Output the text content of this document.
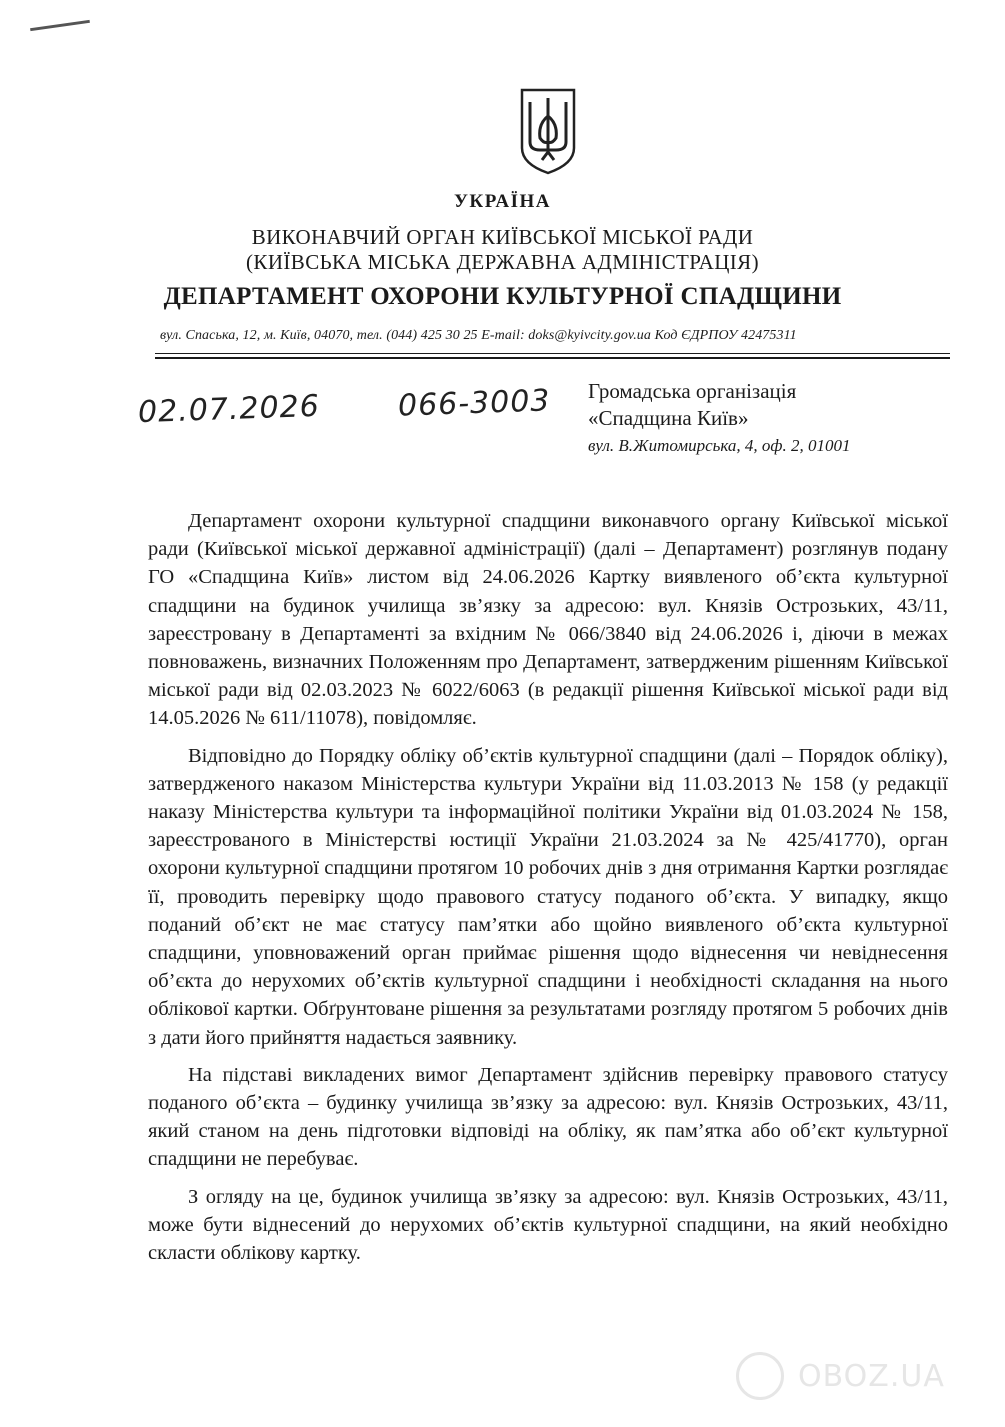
УКРАЇНА
ВИКОНАВЧИЙ ОРГАН КИЇВСЬКОЇ МІСЬКОЇ РАДИ
(КИЇВСЬКА МІСЬКА ДЕРЖАВНА АДМІНІСТРАЦІЯ)
ДЕПАРТАМЕНТ ОХОРОНИ КУЛЬТУРНОЇ СПАДЩИНИ
вул. Спаська, 12, м. Київ, 04070, тел. (044) 425 30 25 E-mail: doks@kyivcity.gov.ua Код ЄДРПОУ 42475311
02.07.2026	066-3003 Громадська організація
«Спадщина Київ»
вул. В.Житомирська, 4, оф. 2, 01001

Департамент охорони культурної спадщини виконавчого органу Київської міської ради (Київської міської державної адміністрації) (далі – Департамент) розглянув подану ГО «Спадщина Київ» листом від 24.06.2026 Картку виявленого об’єкта культурної спадщини на будинок училища зв’язку за адресою: вул. Князів Острозьких, 43/11, зареєстровану в Департаменті за вхідним № 066/3840 від 24.06.2026 і, діючи в межах повноважень, визначних Положенням про Департамент, затвердженим рішенням Київської міської ради від 02.03.2023 № 6022/6063 (в редакції рішення Київської міської ради від 14.05.2026 № 611/11078), повідомляє.

Відповідно до Порядку обліку об’єктів культурної спадщини (далі – Порядок обліку), затвердженого наказом Міністерства культури України від 11.03.2013 № 158 (у редакції наказу Міністерства культури та інформаційної політики України від 01.03.2024 № 158, зареєстрованого в Міністерстві юстиції України 21.03.2024 за № 425/41770), орган охорони культурної спадщини протягом 10 робочих днів з дня отримання Картки розглядає її, проводить перевірку щодо правового статусу поданого об’єкта. У випадку, якщо поданий об’єкт не має статусу пам’ятки або щойно виявленого об’єкта культурної спадщини, уповноважений орган приймає рішення щодо віднесення чи невіднесення об’єкта до нерухомих об’єктів культурної спадщини і необхідності складання на нього облікової картки. Обґрунтоване рішення за результатами розгляду протягом 5 робочих днів з дати його прийняття надається заявнику.

На підставі викладених вимог Департамент здійснив перевірку правового статусу поданого об’єкта – будинку училища зв’язку за адресою: вул. Князів Острозьких, 43/11, який станом на день підготовки відповіді на обліку, як пам’ятка або об’єкт культурної спадщини не перебуває.

З огляду на це, будинок училища зв’язку за адресою: вул. Князів Острозьких, 43/11, може бути віднесений до нерухомих об’єктів культурної спадщини, на який необхідно скласти облікову картку.

OBOZ.UA
